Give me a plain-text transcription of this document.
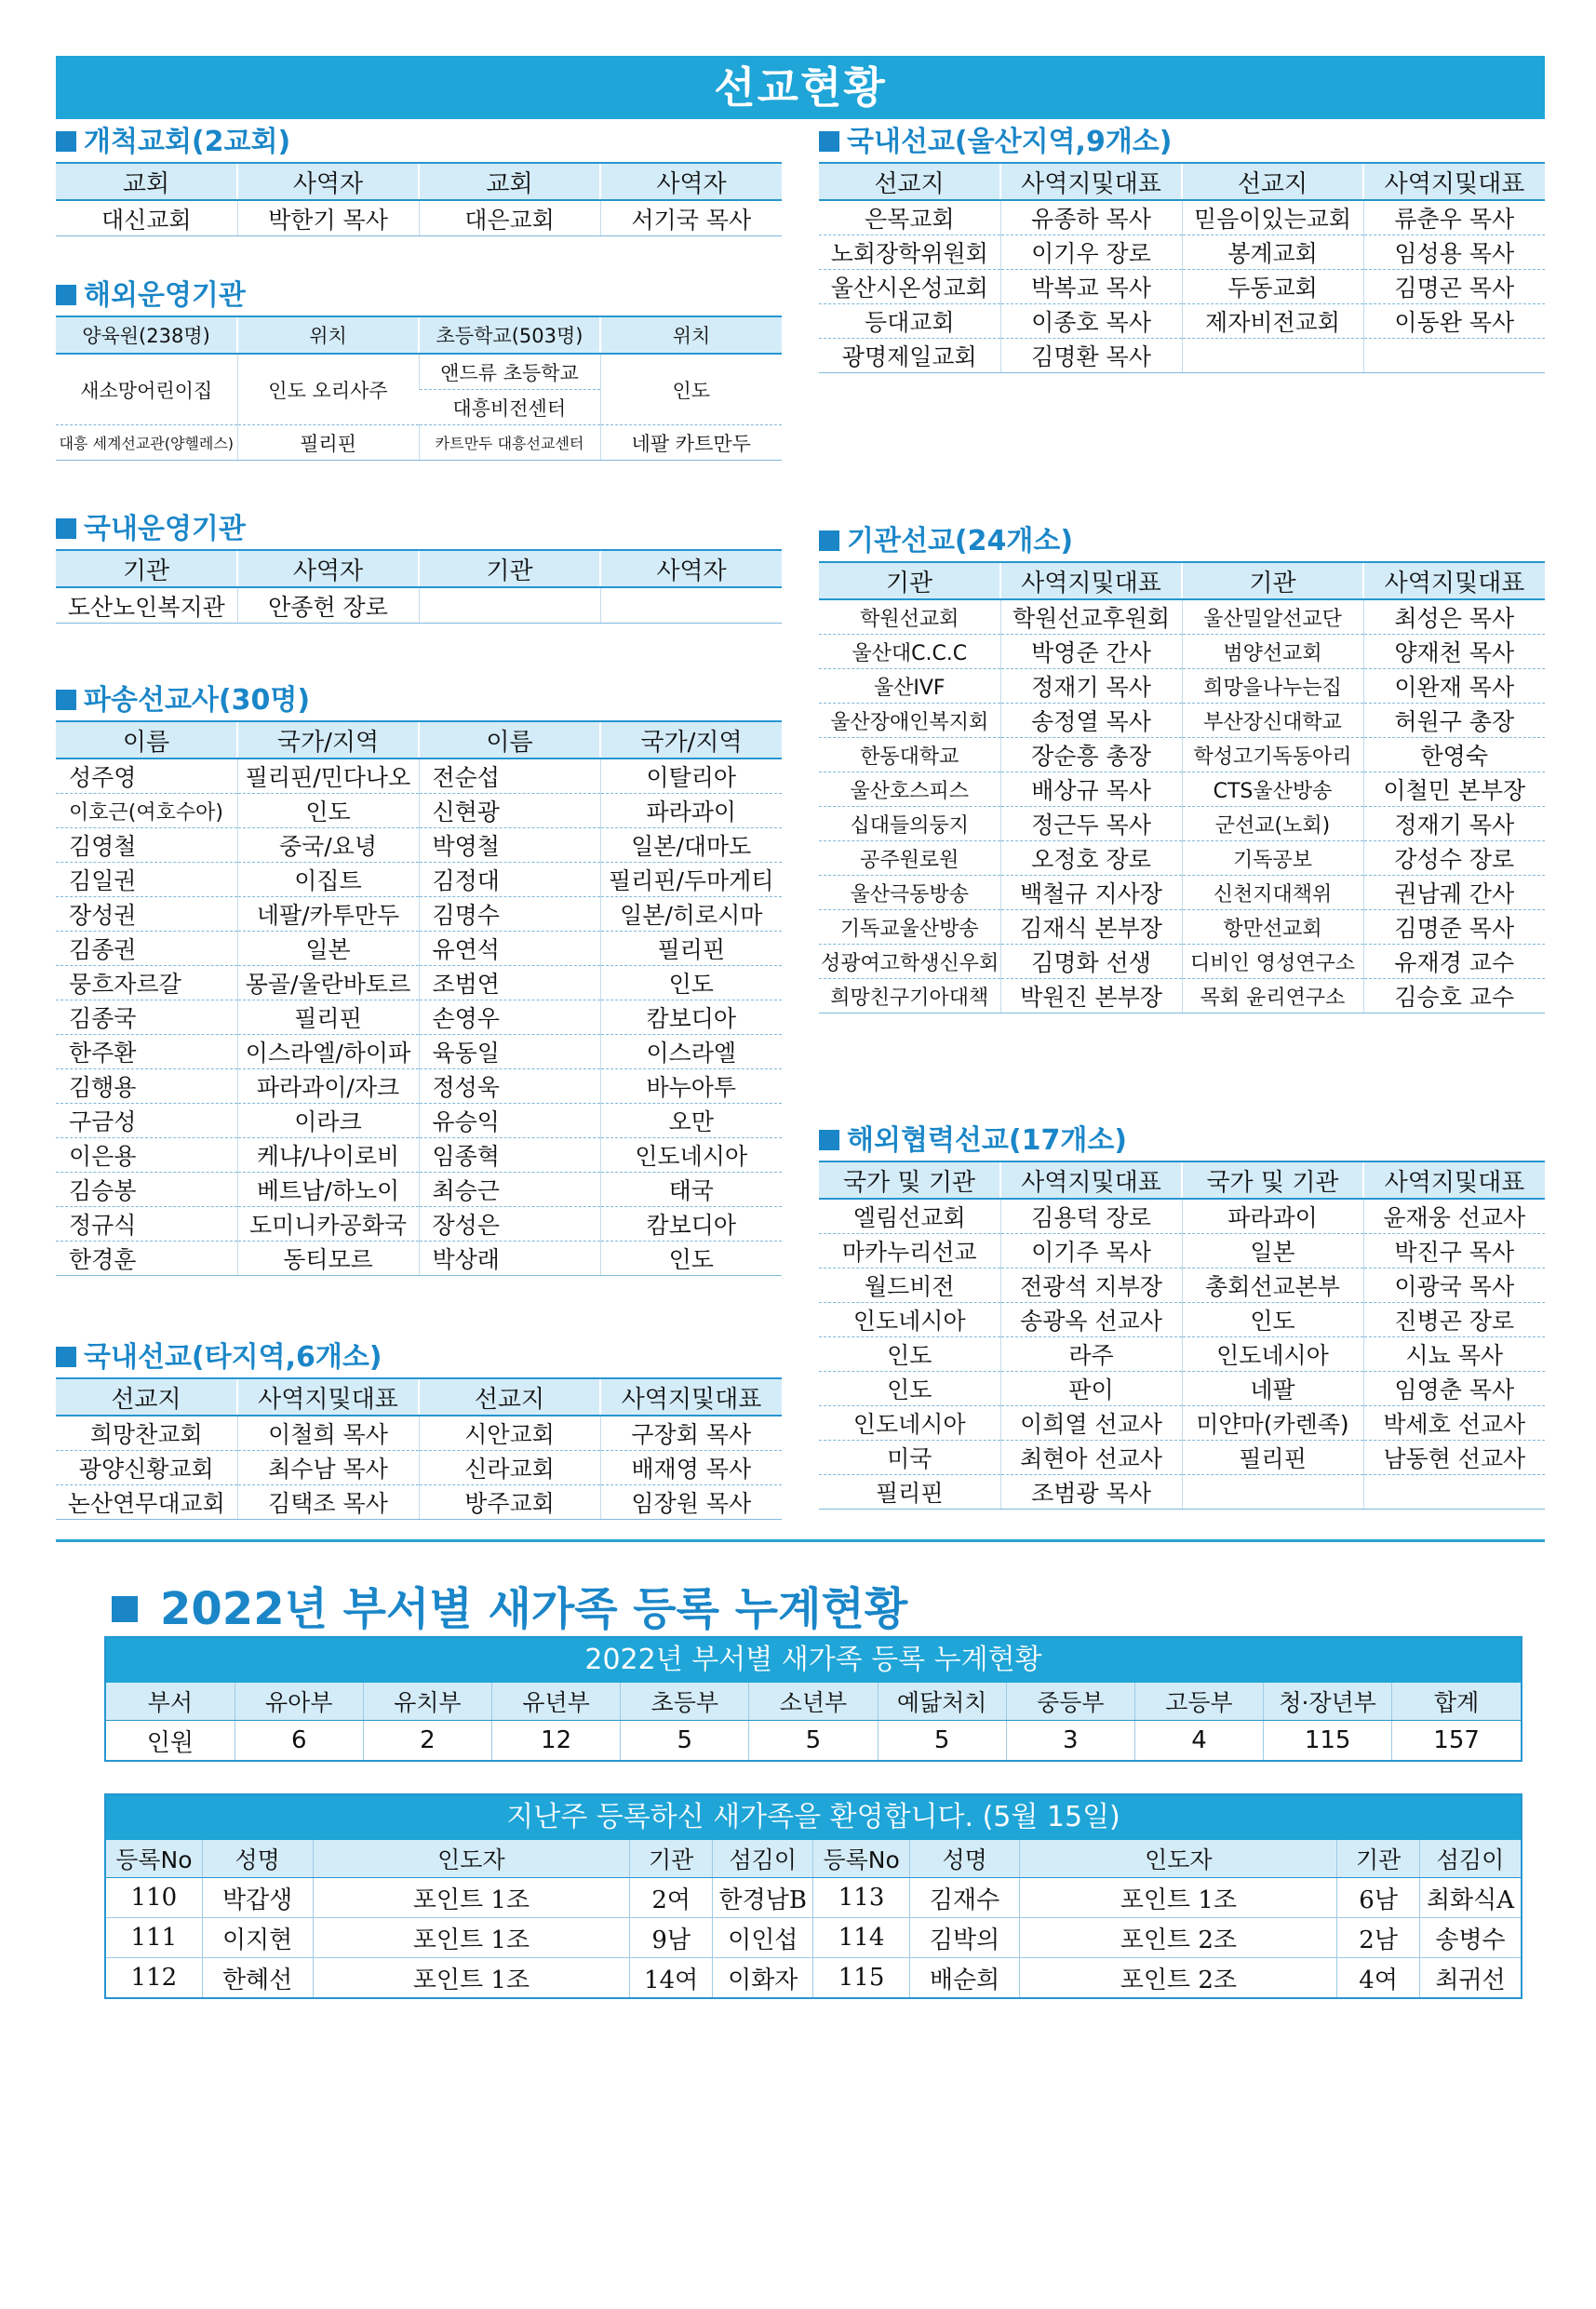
선교현황
개척교회(2교회)
교회	사역자	교회	사역자
대신교회	박한기 목사	대은교회	서기국 목사
해외운영기관
양육원(238명)	위치	초등학교(503명)	위치
새소망어린이집	인도 오리사주	앤드류 초등학교	인도
		대흥비전센터	
대흥 세계선교관(양헬레스)	필리핀	카트만두 대흥선교센터	네팔 카트만두
국내운영기관
기관	사역자	기관	사역자
도산노인복지관	안종헌 장로		
파송선교사(30명)
이름	국가/지역	이름	국가/지역
성주영	필리핀/민다나오	전순섭	이탈리아
이호근(여호수아)	인도	신현광	파라과이
김영철	중국/요녕	박영철	일본/대마도
김일권	이집트	김정대	필리핀/두마게티
장성권	네팔/카투만두	김명수	일본/히로시마
김종권	일본	유연석	필리핀
뭉흐자르갈	몽골/울란바토르	조범연	인도
김종국	필리핀	손영우	캄보디아
한주환	이스라엘/하이파	육동일	이스라엘
김행용	파라과이/자크	정성욱	바누아투
구금성	이라크	유승익	오만
이은용	케냐/나이로비	임종혁	인도네시아
김승봉	베트남/하노이	최승근	태국
정규식	도미니카공화국	장성은	캄보디아
한경훈	동티모르	박상래	인도
국내선교(타지역,6개소)
선교지	사역지및대표	선교지	사역지및대표
희망찬교회	이철희 목사	시안교회	구장회 목사
광양신황교회	최수남 목사	신라교회	배재영 목사
논산연무대교회	김택조 목사	방주교회	임장원 목사
국내선교(울산지역,9개소)
선교지	사역지및대표	선교지	사역지및대표
은목교회	유종하 목사	믿음이있는교회	류춘우 목사
노회장학위원회	이기우 장로	봉계교회	임성용 목사
울산시온성교회	박복교 목사	두동교회	김명곤 목사
등대교회	이종호 목사	제자비전교회	이동완 목사
광명제일교회	김명환 목사		
기관선교(24개소)
기관	사역지및대표	기관	사역지및대표
학원선교회	학원선교후원회	울산밀알선교단	최성은 목사
울산대C.C.C	박영준 간사	범양선교회	양재천 목사
울산IVF	정재기 목사	희망을나누는집	이완재 목사
울산장애인복지회	송정열 목사	부산장신대학교	허원구 총장
한동대학교	장순흥 총장	학성고기독동아리	한영숙
울산호스피스	배상규 목사	CTS울산방송	이철민 본부장
십대들의둥지	정근두 목사	군선교(노회)	정재기 목사
공주원로원	오정호 장로	기독공보	강성수 장로
울산극동방송	백철규 지사장	신천지대책위	권남궤 간사
기독교울산방송	김재식 본부장	항만선교회	김명준 목사
성광여고학생신우회	김명화 선생	디비인 영성연구소	유재경 교수
희망친구기아대책	박원진 본부장	목회 윤리연구소	김승호 교수
해외협력선교(17개소)
국가 및 기관	사역지및대표	국가 및 기관	사역지및대표
엘림선교회	김용덕 장로	파라과이	윤재웅 선교사
마카누리선교	이기주 목사	일본	박진구 목사
월드비전	전광석 지부장	총회선교본부	이광국 목사
인도네시아	송광옥 선교사	인도	진병곤 장로
인도	라주	인도네시아	시뇨 목사
인도	판이	네팔	임영춘 목사
인도네시아	이희열 선교사	미얀마(카렌족)	박세호 선교사
미국	최현아 선교사	필리핀	남동현 선교사
필리핀	조범광 목사		
2022년 부서별 새가족 등록 누계현황
2022년 부서별 새가족 등록 누계현황
부서	유아부	유치부	유년부	초등부	소년부	예닮처치	중등부	고등부	청·장년부	합계
인원	6	2	12	5	5	5	3	4	115	157
지난주 등록하신 새가족을 환영합니다. (5월 15일)
등록No	성명	인도자	기관	섬김이	등록No	성명	인도자	기관	섬김이
110	박갑생	포인트 1조	2여	한경남B	113	김재수	포인트 1조	6남	최화식A
111	이지현	포인트 1조	9남	이인섭	114	김박의	포인트 2조	2남	송병수
112	한혜선	포인트 1조	14여	이화자	115	배순희	포인트 2조	4여	최귀선
